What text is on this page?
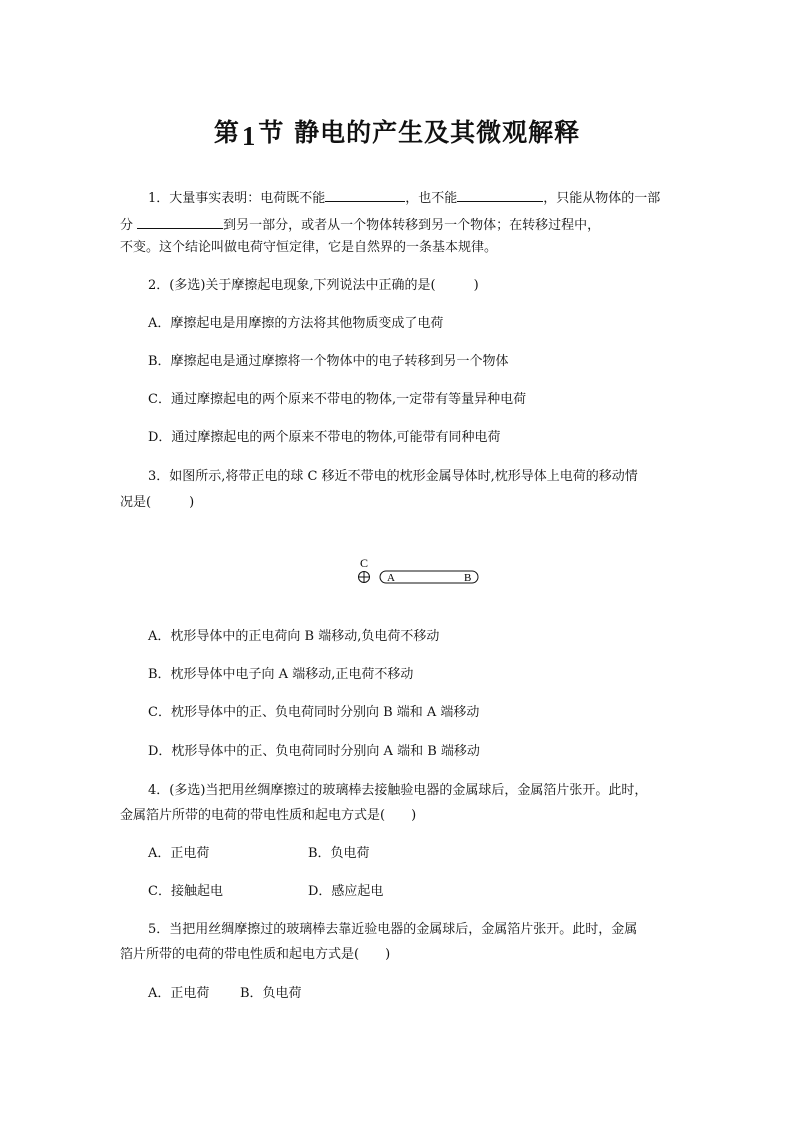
第1节 静电的产生及其微观解释
1．大量事实表明：电荷既不能	，也不能	，只能从物体的一部
分	到另一部分，或者从一个物体转移到另一个物体；在转移过程中，
不变。这个结论叫做电荷守恒定律，它是自然界的一条基本规律。
2．(多选)关于摩擦起电现象,下列说法中正确的是(	)
A．摩擦起电是用摩擦的方法将其他物质变成了电荷
B．摩擦起电是通过摩擦将一个物体中的电子转移到另一个物体
C．通过摩擦起电的两个原来不带电的物体,一定带有等量异种电荷
D．通过摩擦起电的两个原来不带电的物体,可能带有同种电荷
3．如图所示,将带正电的球 C 移近不带电的枕形金属导体时,枕形导体上电荷的移动情
况是(	)
C
A	B
A．枕形导体中的正电荷向 B 端移动,负电荷不移动
B．枕形导体中电子向 A 端移动,正电荷不移动
C．枕形导体中的正、负电荷同时分别向 B 端和 A 端移动
D．枕形导体中的正、负电荷同时分别向 A 端和 B 端移动
4．(多选)当把用丝绸摩擦过的玻璃棒去接触验电器的金属球后，金属箔片张开。此时，
金属箔片所带的电荷的带电性质和起电方式是( )
A．正电荷	B．负电荷
C．接触起电	D．感应起电
5．当把用丝绸摩擦过的玻璃棒去靠近验电器的金属球后，金属箔片张开。此时，金属
箔片所带的电荷的带电性质和起电方式是( )
A．正电荷 B．负电荷
